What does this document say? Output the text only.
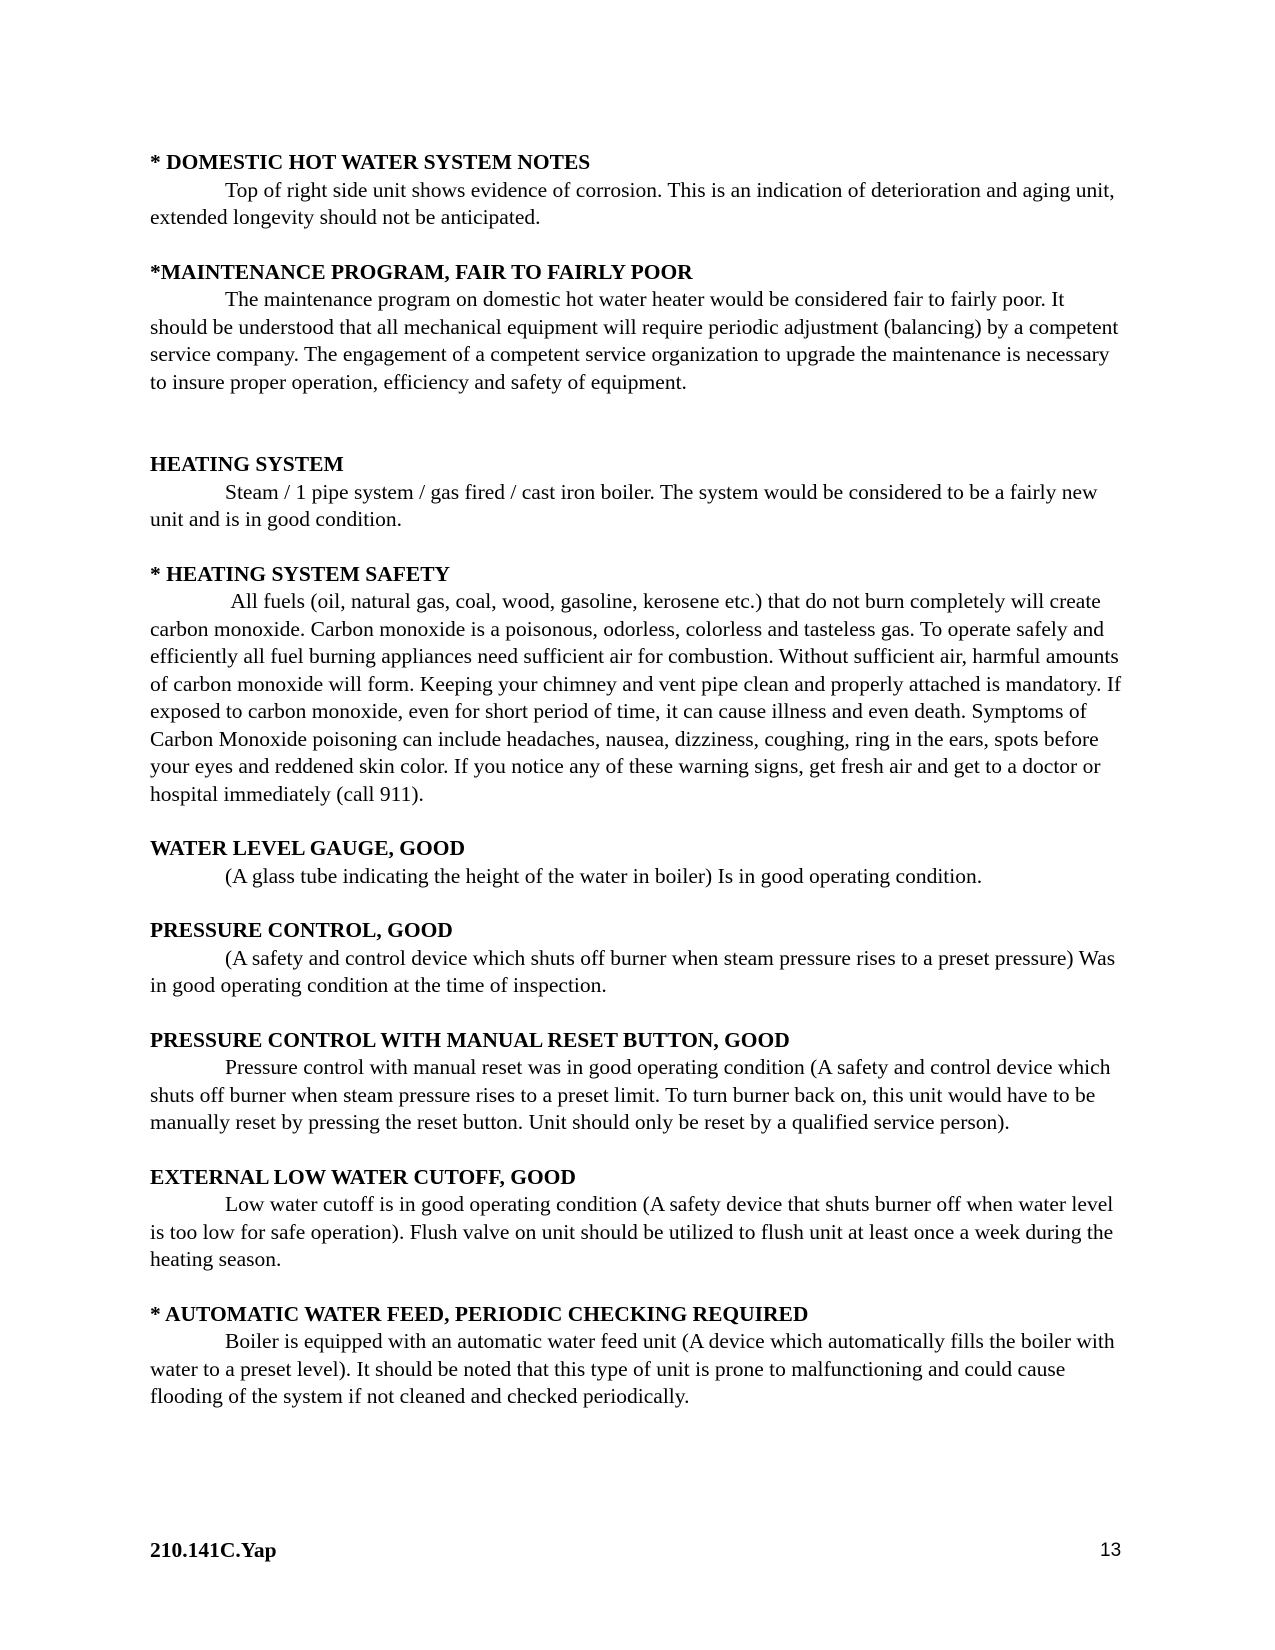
* DOMESTIC HOT WATER SYSTEM NOTES

Top of right side unit shows evidence of corrosion. This is an indication of deterioration and aging unit, extended longevity should not be anticipated.

*MAINTENANCE PROGRAM, FAIR TO FAIRLY POOR

The maintenance program on domestic hot water heater would be considered fair to fairly poor. It should be understood that all mechanical equipment will require periodic adjustment (balancing) by a competent service company. The engagement of a competent service organization to upgrade the maintenance is necessary to insure proper operation, efficiency and safety of equipment.

HEATING SYSTEM

Steam / 1 pipe system / gas fired / cast iron boiler. The system would be considered to be a fairly new unit and is in good condition.

* HEATING SYSTEM SAFETY

All fuels (oil, natural gas, coal, wood, gasoline, kerosene etc.) that do not burn completely will create carbon monoxide. Carbon monoxide is a poisonous, odorless, colorless and tasteless gas. To operate safely and efficiently all fuel burning appliances need sufficient air for combustion. Without sufficient air, harmful amounts of carbon monoxide will form. Keeping your chimney and vent pipe clean and properly attached is mandatory. If exposed to carbon monoxide, even for short period of time, it can cause illness and even death. Symptoms of Carbon Monoxide poisoning can include headaches, nausea, dizziness, coughing, ring in the ears, spots before your eyes and reddened skin color. If you notice any of these warning signs, get fresh air and get to a doctor or hospital immediately (call 911).

WATER LEVEL GAUGE, GOOD

(A glass tube indicating the height of the water in boiler) Is in good operating condition.

PRESSURE CONTROL, GOOD

(A safety and control device which shuts off burner when steam pressure rises to a preset pressure) Was in good operating condition at the time of inspection.

PRESSURE CONTROL WITH MANUAL RESET BUTTON, GOOD

Pressure control with manual reset was in good operating condition (A safety and control device which shuts off burner when steam pressure rises to a preset limit. To turn burner back on, this unit would have to be manually reset by pressing the reset button. Unit should only be reset by a qualified service person).

EXTERNAL LOW WATER CUTOFF, GOOD

Low water cutoff is in good operating condition (A safety device that shuts burner off when water level is too low for safe operation). Flush valve on unit should be utilized to flush unit at least once a week during the heating season.

* AUTOMATIC WATER FEED, PERIODIC CHECKING REQUIRED

Boiler is equipped with an automatic water feed unit (A device which automatically fills the boiler with water to a preset level). It should be noted that this type of unit is prone to malfunctioning and could cause flooding of the system if not cleaned and checked periodically.

210.141C.Yap	13
